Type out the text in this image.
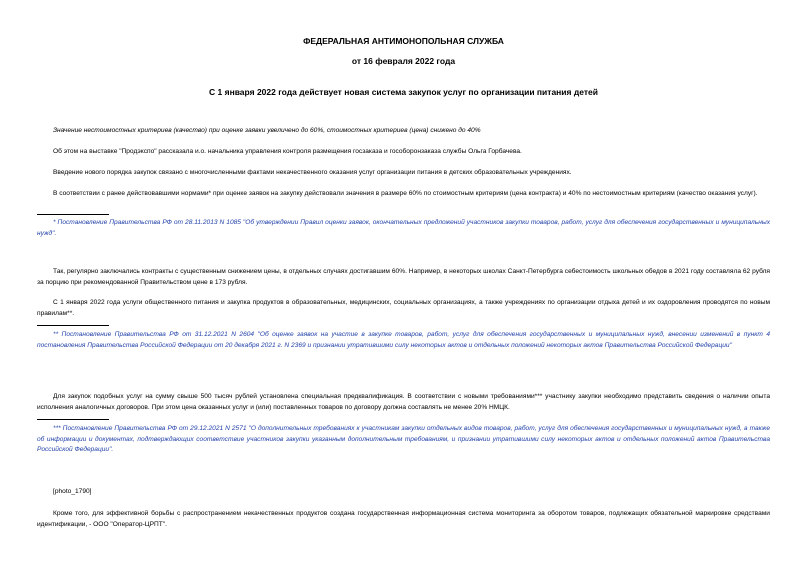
ФЕДЕРАЛЬНАЯ АНТИМОНОПОЛЬНАЯ СЛУЖБА
от 16 февраля 2022 года
С 1 января 2022 года действует новая система закупок услуг по организации питания детей

Значение нестоимостных критериев (качество) при оценке заявки увеличено до 60%, стоимостных критериев (цена) снижено до 40%

Об этом на выставке "Продэкспо" рассказала и.о. начальника управления контроля размещения госзаказа и гособоронзаказа службы Ольга Горбачева.

Введение нового порядка закупок связано с многочисленными фактами некачественного оказания услуг организации питания в детских образовательных учреждениях.

В соответствии с ранее действовавшими нормами* при оценке заявок на закупку действовали значения в размере 60% по стоимостным критериям (цена контракта) и 40% по нестоимостным критериям (качество оказания услуг).

* Постановление Правительства РФ от 28.11.2013 N 1085 "Об утверждении Правил оценки заявок, окончательных предложений участников закупки товаров, работ, услуг для обеспечения государственных и муниципальных нужд".

Так, регулярно заключались контракты с существенным снижением цены, в отдельных случаях достигавшим 60%. Например, в некоторых школах Санкт-Петербурга себестоимость школьных обедов в 2021 году составляла 62 рубля за порцию при рекомендованной Правительством цене в 173 рубля.

С 1 января 2022 года услуги общественного питания и закупка продуктов в образовательных, медицинских, социальных организациях, а также учреждениях по организации отдыха детей и их оздоровления проводятся по новым правилам**.

** Постановление Правительства РФ от 31.12.2021 N 2604 "Об оценке заявок на участие в закупке товаров, работ, услуг для обеспечения государственных и муниципальных нужд, внесении изменений в пункт 4 постановления Правительства Российской Федерации от 20 декабря 2021 г. N 2369 и признании утратившими силу некоторых актов и отдельных положений некоторых актов Правительства Российской Федерации"

Для закупок подобных услуг на сумму свыше 500 тысяч рублей установлена специальная предквалификация. В соответствии с новыми требованиями*** участнику закупки необходимо представить сведения о наличии опыта исполнения аналогичных договоров. При этом цена оказанных услуг и (или) поставленных товаров по договору должна составлять не менее 20% НМЦК.

*** Постановление Правительства РФ от 29.12.2021 N 2571 "О дополнительных требованиях к участникам закупки отдельных видов товаров, работ, услуг для обеспечения государственных и муниципальных нужд, а также об информации и документах, подтверждающих соответствие участников закупки указанным дополнительным требованиям, и признании утратившими силу некоторых актов и отдельных положений актов Правительства Российской Федерации".

[photo_1790]

Кроме того, для эффективной борьбы с распространением некачественных продуктов создана государственная информационная система мониторинга за оборотом товаров, подлежащих обязательной маркировке средствами идентификации, - ООО "Оператор-ЦРПТ".
